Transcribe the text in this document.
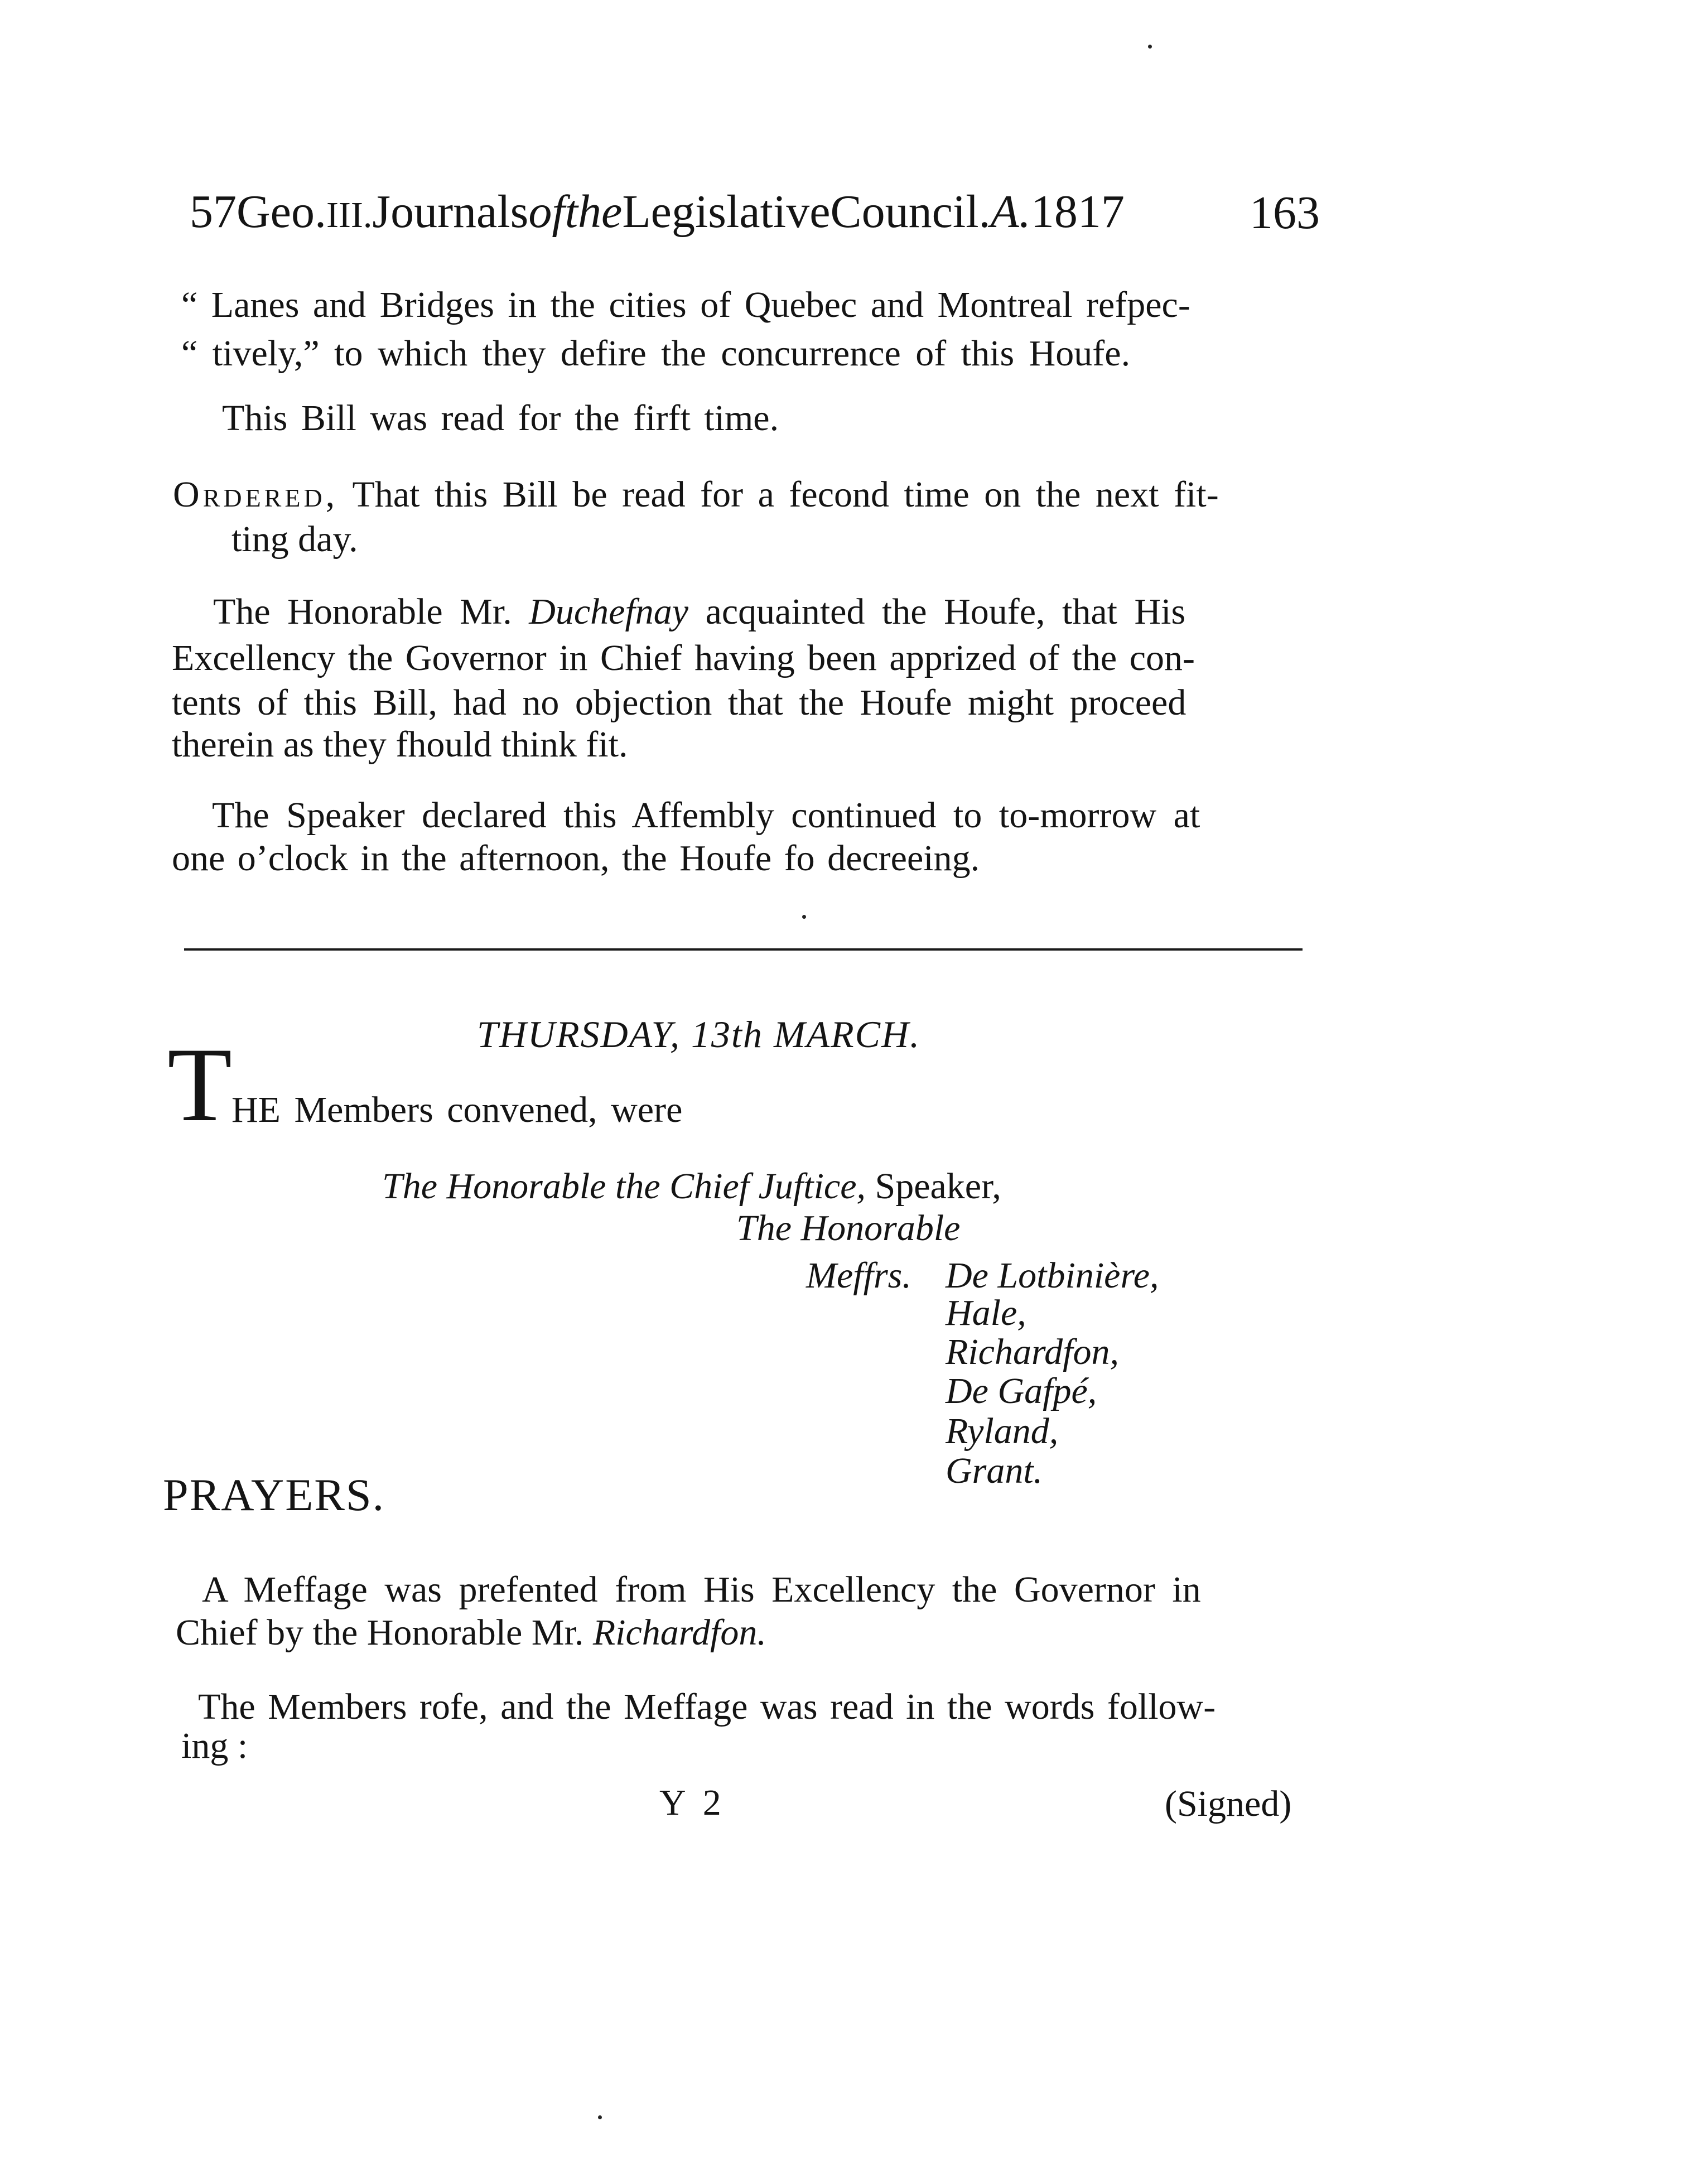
57Geo.III.JournalsoftheLegislativeCouncil.A.1817	163
“ Lanes and Bridges in the cities of Quebec and Montreal refpec-
“ tively,” to which they defire the concurrence of this Houfe.
This Bill was read for the firft time.
Ordered, That this Bill be read for a fecond time on the next fit-
ting day.
The Honorable Mr. Duchefnay acquainted the Houfe, that His
Excellency the Governor in Chief having been apprized of the con-
tents of this Bill, had no objection that the Houfe might proceed
therein as they fhould think fit.
The Speaker declared this Affembly continued to to-morrow at
one o’clock in the afternoon, the Houfe fo decreeing.
THURSDAY, 13th MARCH.
T
HE Members convened, were
The Honorable the Chief Juftice, Speaker,
The Honorable
Meffrs. De Lotbinière,
Hale,
Richardfon,
De Gafpé,
Ryland,
Grant.
PRAYERS.
A Meffage was prefented from His Excellency the Governor in
Chief by the Honorable Mr. Richardfon.
The Members rofe, and the Meffage was read in the words follow-
ing :
Y 2	(Signed)
